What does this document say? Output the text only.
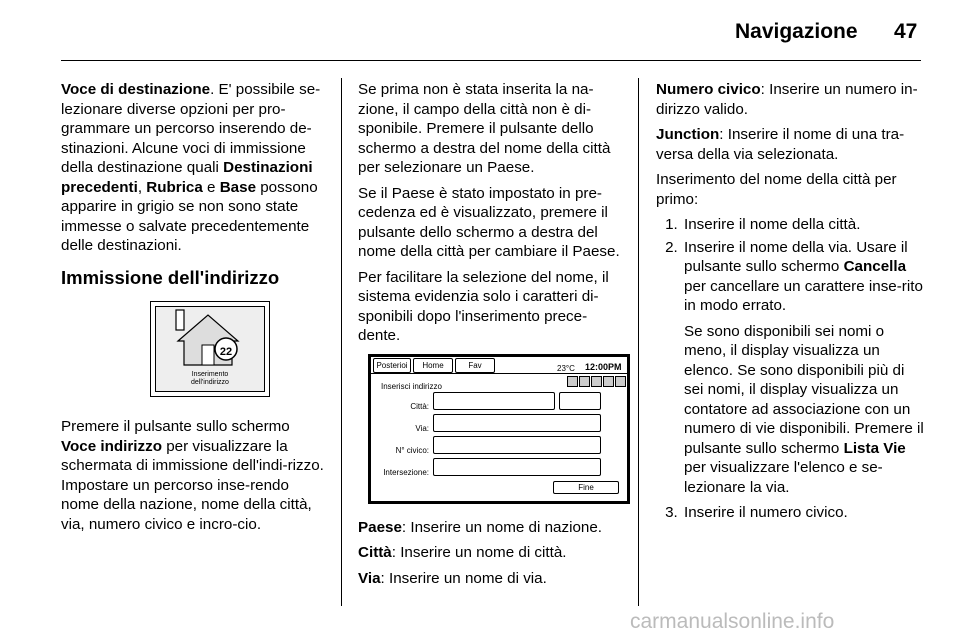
Navigazione 47

Voce di destinazione. E' possibile se-lezionare diverse opzioni per pro-grammare un percorso inserendo de-stinazioni. Alcune voci di immissione della destinazione quali Destinazioni precedenti, Rubrica e Base possono apparire in grigio se non sono state immesse o salvate precedentemente delle destinazioni.

Immissione dell'indirizzo

22
Inserimento
dell'indirizzo

Premere il pulsante sullo schermo Voce indirizzo per visualizzare la schermata di immissione dell'indi-rizzo. Impostare un percorso inse-rendo nome della nazione, nome della città, via, numero civico e incro-cio.

Se prima non è stata inserita la na-zione, il campo della città non è di-sponibile. Premere il pulsante dello schermo a destra del nome della città per selezionare un Paese.

Se il Paese è stato impostato in pre-cedenza ed è visualizzato, premere il pulsante dello schermo a destra del nome della città per cambiare il Paese.

Per facilitare la selezione del nome, il sistema evidenzia solo i caratteri di-sponibili dopo l'inserimento prece-dente.

Posterioi	Home	Fav	23°C 12:00PM
Inserisci indirizzo
Città:
Via:
N° civico:
Intersezione:
Fine

Paese: Inserire un nome di nazione.

Città: Inserire un nome di città.

Via: Inserire un nome di via.

Numero civico: Inserire un numero in-dirizzo valido.

Junction: Inserire il nome di una tra-versa della via selezionata.

Inserimento del nome della città per primo:

1. Inserire il nome della città.

2. Inserire il nome della via. Usare il pulsante sullo schermo Cancella per cancellare un carattere inse-rito in modo errato.

Se sono disponibili sei nomi o meno, il display visualizza un elenco. Se sono disponibili più di sei nomi, il display visualizza un contatore ad associazione con un numero di vie disponibili. Premere il pulsante sullo schermo Lista Vie per visualizzare l'elenco e se-lezionare la via.

3. Inserire il numero civico.
carmanualsonline.info
